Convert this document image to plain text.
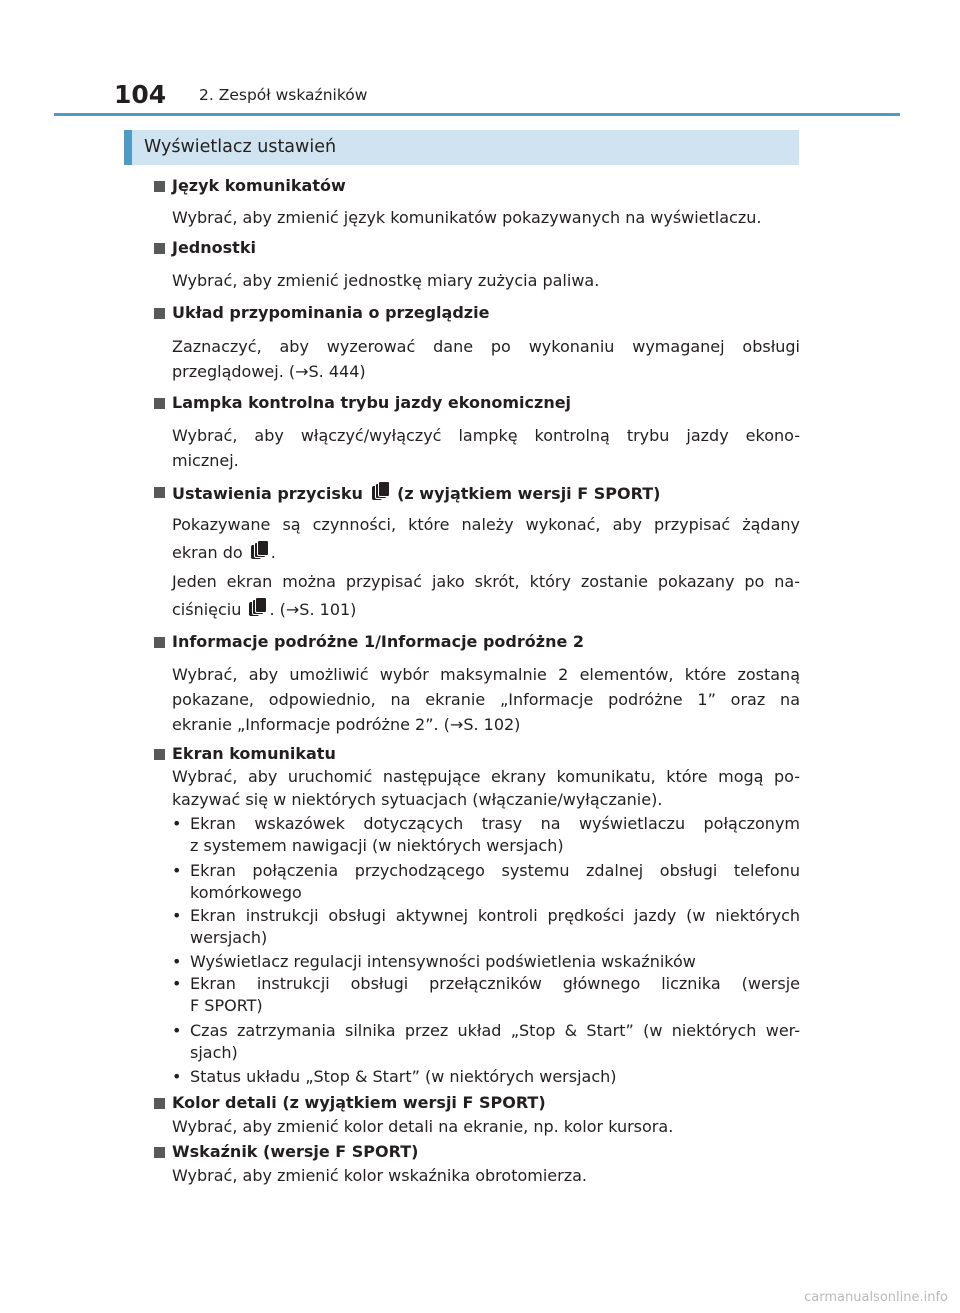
104 2. Zespół wskaźników
Wyświetlacz ustawień
Język komunikatów
Wybrać, aby zmienić język komunikatów pokazywanych na wyświetlaczu.
Jednostki
Wybrać, aby zmienić jednostkę miary zużycia paliwa.
Układ przypominania o przeglądzie
Zaznaczyć, aby wyzerować dane po wykonaniu wymaganej obsługi
przeglądowej. (→S. 444)
Lampka kontrolna trybu jazdy ekonomicznej
Wybrać, aby włączyć/wyłączyć lampkę kontrolną trybu jazdy ekono-
micznej.
Ustawienia przycisku (z wyjątkiem wersji F SPORT)
Pokazywane są czynności, które należy wykonać, aby przypisać żądany
ekran do .
Jeden ekran można przypisać jako skrót, który zostanie pokazany po na-
ciśnięciu . (→S. 101)
Informacje podróżne 1/Informacje podróżne 2
Wybrać, aby umożliwić wybór maksymalnie 2 elementów, które zostaną
pokazane, odpowiednio, na ekranie „Informacje podróżne 1” oraz na
ekranie „Informacje podróżne 2”. (→S. 102)
Ekran komunikatu
Wybrać, aby uruchomić następujące ekrany komunikatu, które mogą po-
kazywać się w niektórych sytuacjach (włączanie/wyłączanie).
• Ekran wskazówek dotyczących trasy na wyświetlaczu połączonym
z systemem nawigacji (w niektórych wersjach)
• Ekran połączenia przychodzącego systemu zdalnej obsługi telefonu
komórkowego
• Ekran instrukcji obsługi aktywnej kontroli prędkości jazdy (w niektórych
wersjach)
• Wyświetlacz regulacji intensywności podświetlenia wskaźników
• Ekran instrukcji obsługi przełączników głównego licznika (wersje
F SPORT)
• Czas zatrzymania silnika przez układ „Stop & Start” (w niektórych wer-
sjach)
• Status układu „Stop & Start” (w niektórych wersjach)
Kolor detali (z wyjątkiem wersji F SPORT)
Wybrać, aby zmienić kolor detali na ekranie, np. kolor kursora.
Wskaźnik (wersje F SPORT)
Wybrać, aby zmienić kolor wskaźnika obrotomierza.
carmanualsonline.info
